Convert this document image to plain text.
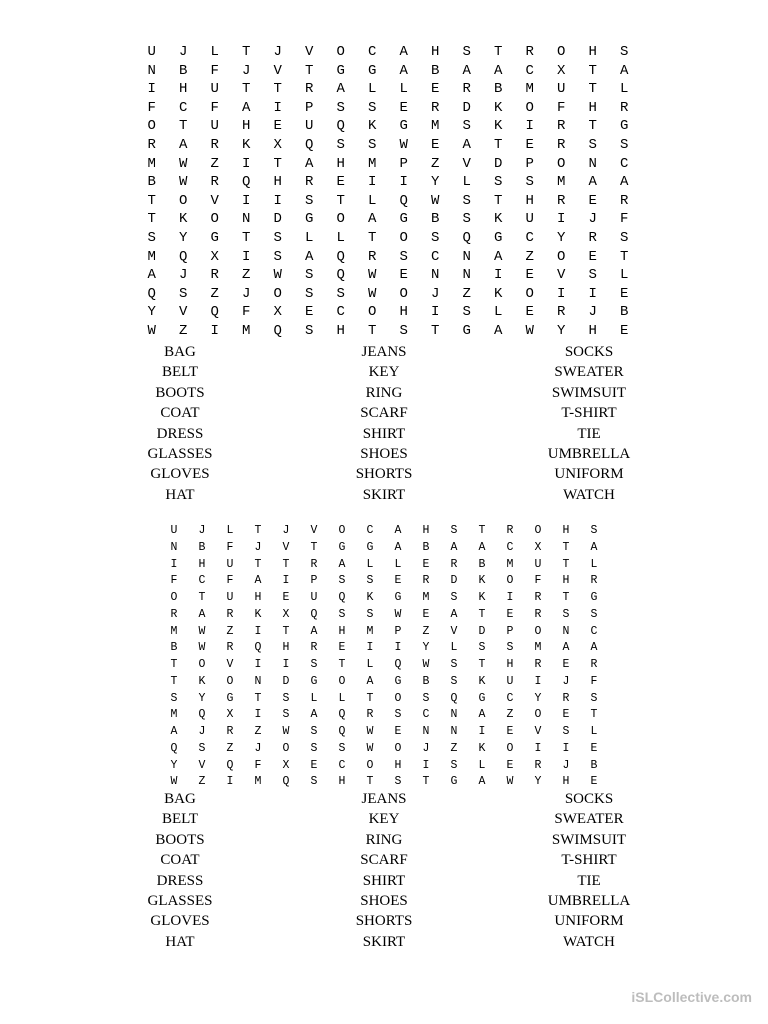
U	J	L	T	J	V	O	C	A	H	S	T	R	O	H	S
N	B	F	J	V	T	G	G	A	B	A	A	C	X	T	A
I	H	U	T	T	R	A	L	L	E	R	B	M	U	T	L
F	C	F	A	I	P	S	S	E	R	D	K	O	F	H	R
O	T	U	H	E	U	Q	K	G	M	S	K	I	R	T	G
R	A	R	K	X	Q	S	S	W	E	A	T	E	R	S	S
M	W	Z	I	T	A	H	M	P	Z	V	D	P	O	N	C
B	W	R	Q	H	R	E	I	I	Y	L	S	S	M	A	A
T	O	V	I	I	S	T	L	Q	W	S	T	H	R	E	R
T	K	O	N	D	G	O	A	G	B	S	K	U	I	J	F
S	Y	G	T	S	L	L	T	O	S	Q	G	C	Y	R	S
M	Q	X	I	S	A	Q	R	S	C	N	A	Z	O	E	T
A	J	R	Z	W	S	Q	W	E	N	N	I	E	V	S	L
Q	S	Z	J	O	S	S	W	O	J	Z	K	O	I	I	E
Y	V	Q	F	X	E	C	O	H	I	S	L	E	R	J	B
W	Z	I	M	Q	S	H	T	S	T	G	A	W	Y	H	E
BAG	JEANS	SOCKS
BELT	KEY	SWEATER
BOOTS	RING	SWIMSUIT
COAT	SCARF	T-SHIRT
DRESS	SHIRT	TIE
GLASSES	SHOES	UMBRELLA
GLOVES	SHORTS	UNIFORM
HAT	SKIRT	WATCH
U	J	L	T	J	V	O	C	A	H	S	T	R	O	H	S
N	B	F	J	V	T	G	G	A	B	A	A	C	X	T	A
I	H	U	T	T	R	A	L	L	E	R	B	M	U	T	L
F	C	F	A	I	P	S	S	E	R	D	K	O	F	H	R
O	T	U	H	E	U	Q	K	G	M	S	K	I	R	T	G
R	A	R	K	X	Q	S	S	W	E	A	T	E	R	S	S
M	W	Z	I	T	A	H	M	P	Z	V	D	P	O	N	C
B	W	R	Q	H	R	E	I	I	Y	L	S	S	M	A	A
T	O	V	I	I	S	T	L	Q	W	S	T	H	R	E	R
T	K	O	N	D	G	O	A	G	B	S	K	U	I	J	F
S	Y	G	T	S	L	L	T	O	S	Q	G	C	Y	R	S
M	Q	X	I	S	A	Q	R	S	C	N	A	Z	O	E	T
A	J	R	Z	W	S	Q	W	E	N	N	I	E	V	S	L
Q	S	Z	J	O	S	S	W	O	J	Z	K	O	I	I	E
Y	V	Q	F	X	E	C	O	H	I	S	L	E	R	J	B
W	Z	I	M	Q	S	H	T	S	T	G	A	W	Y	H	E
BAG	JEANS	SOCKS
BELT	KEY	SWEATER
BOOTS	RING	SWIMSUIT
COAT	SCARF	T-SHIRT
DRESS	SHIRT	TIE
GLASSES	SHOES	UMBRELLA
GLOVES	SHORTS	UNIFORM
HAT	SKIRT	WATCH
iSLCollective.com
